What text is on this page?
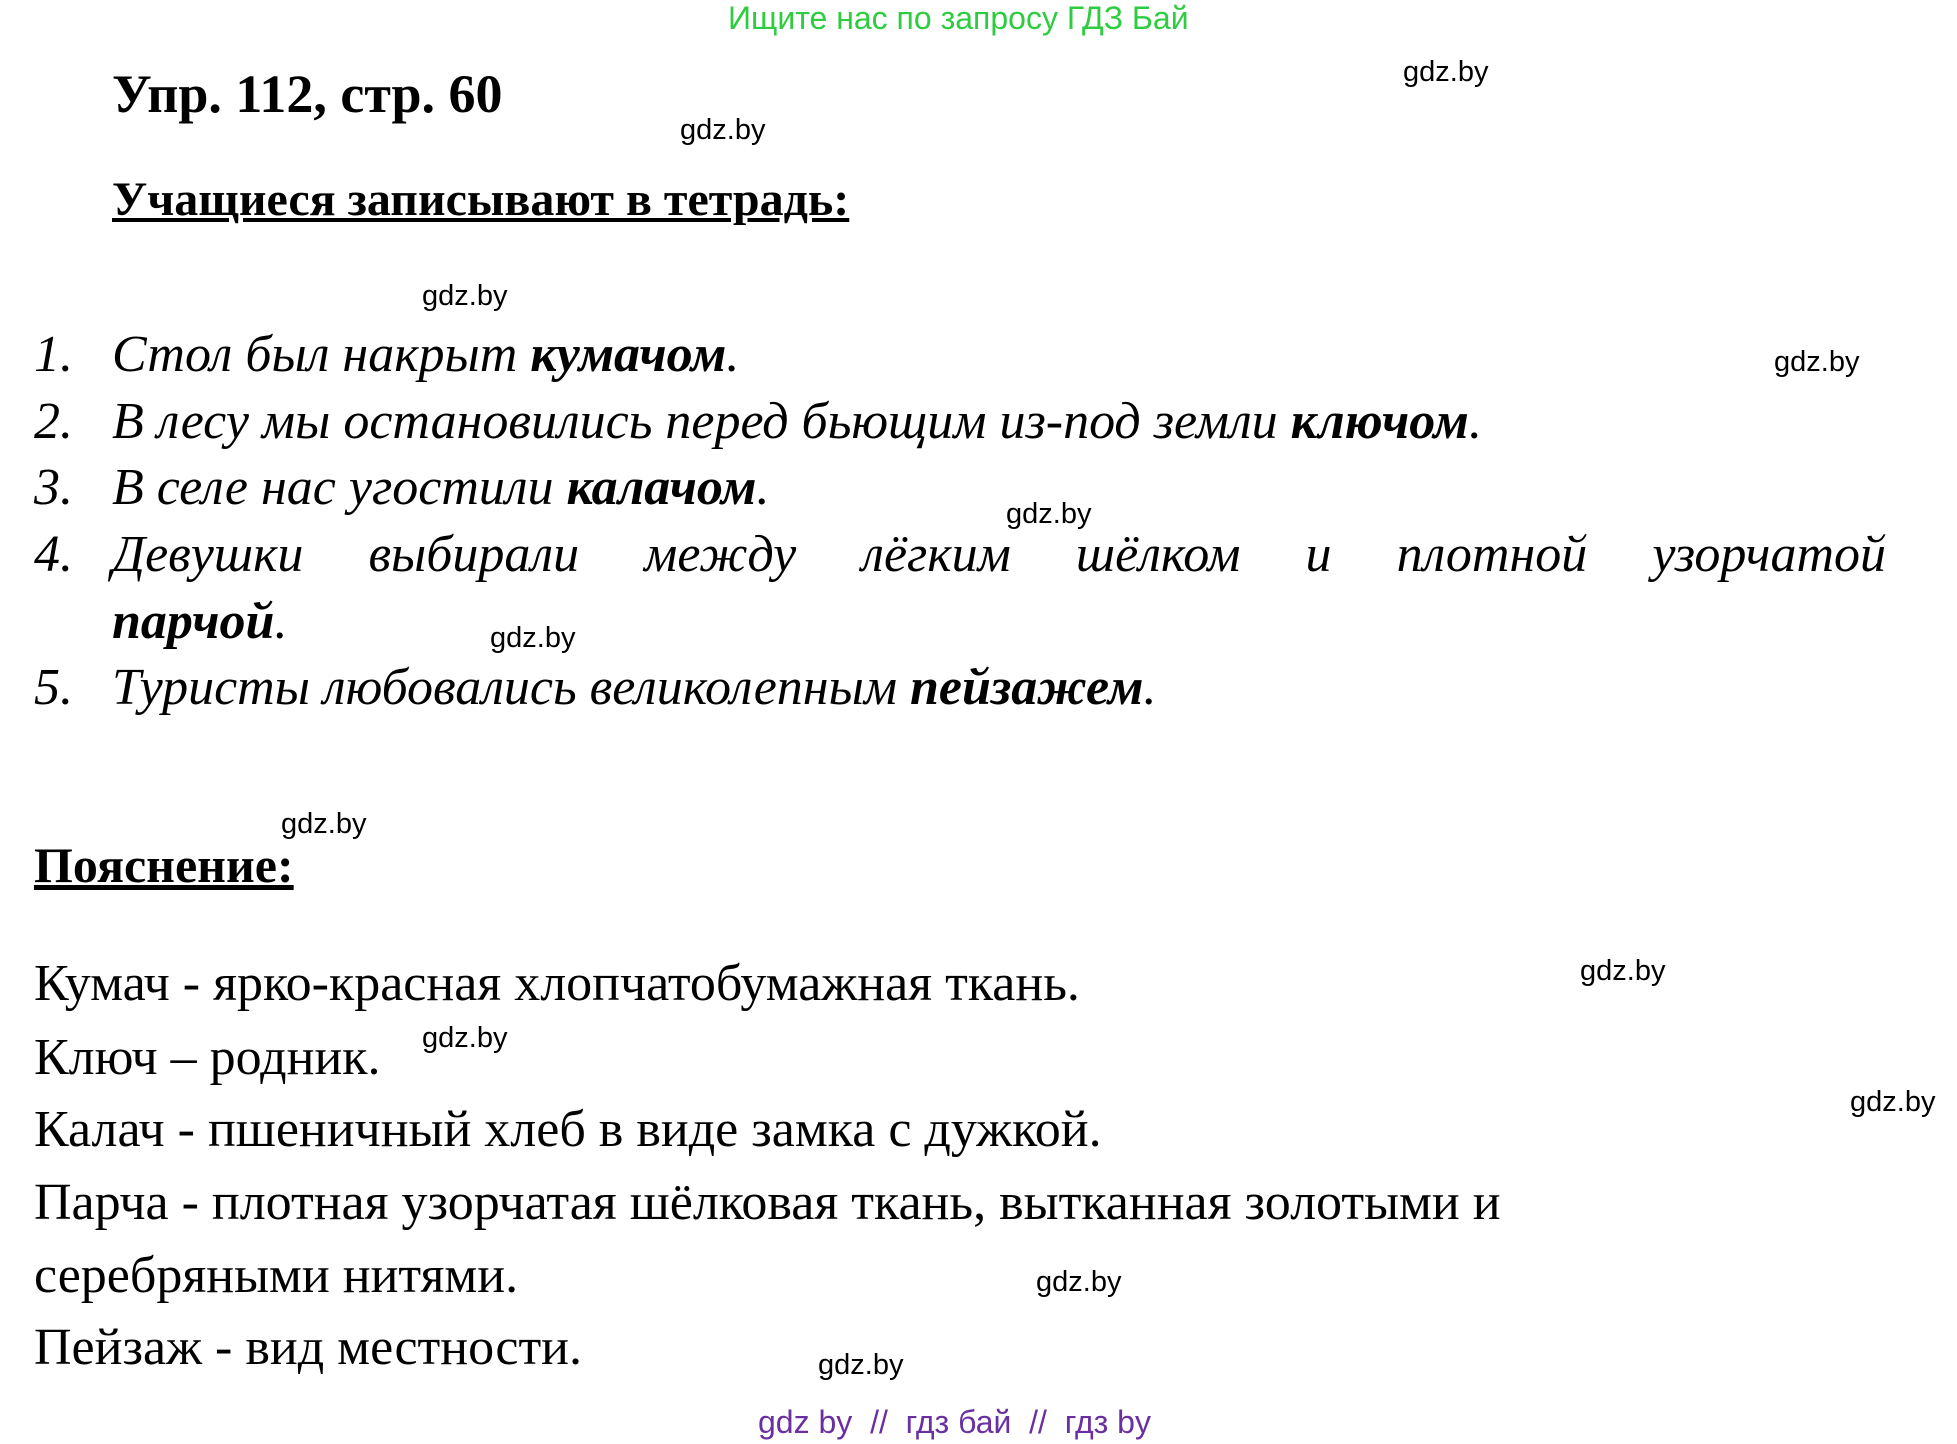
Ищите нас по запросу ГДЗ Бай
Упр. 112, стр. 60
Учащиеся записывают в тетрадь:
1. Стол был накрыт кумачом.
2. В лесу мы остановились перед бьющим из-под земли ключом.
3. В селе нас угостили калачом.
4. Девушки выбирали между лёгким шёлком и плотной узорчатой
парчой.
5. Туристы любовались великолепным пейзажем.
Пояснение:
Кумач - ярко-красная хлопчатобумажная ткань.
Ключ – родник.
Калач - пшеничный хлеб в виде замка с дужкой.
Парча - плотная узорчатая шёлковая ткань, вытканная золотыми и
серебряными нитями.
Пейзаж - вид местности.
gdz.by
gdz.by
gdz.by
gdz.by
gdz.by
gdz.by
gdz.by
gdz.by
gdz.by
gdz.by
gdz.by
gdz.by
gdz by  //  гдз бай  //  гдз by
